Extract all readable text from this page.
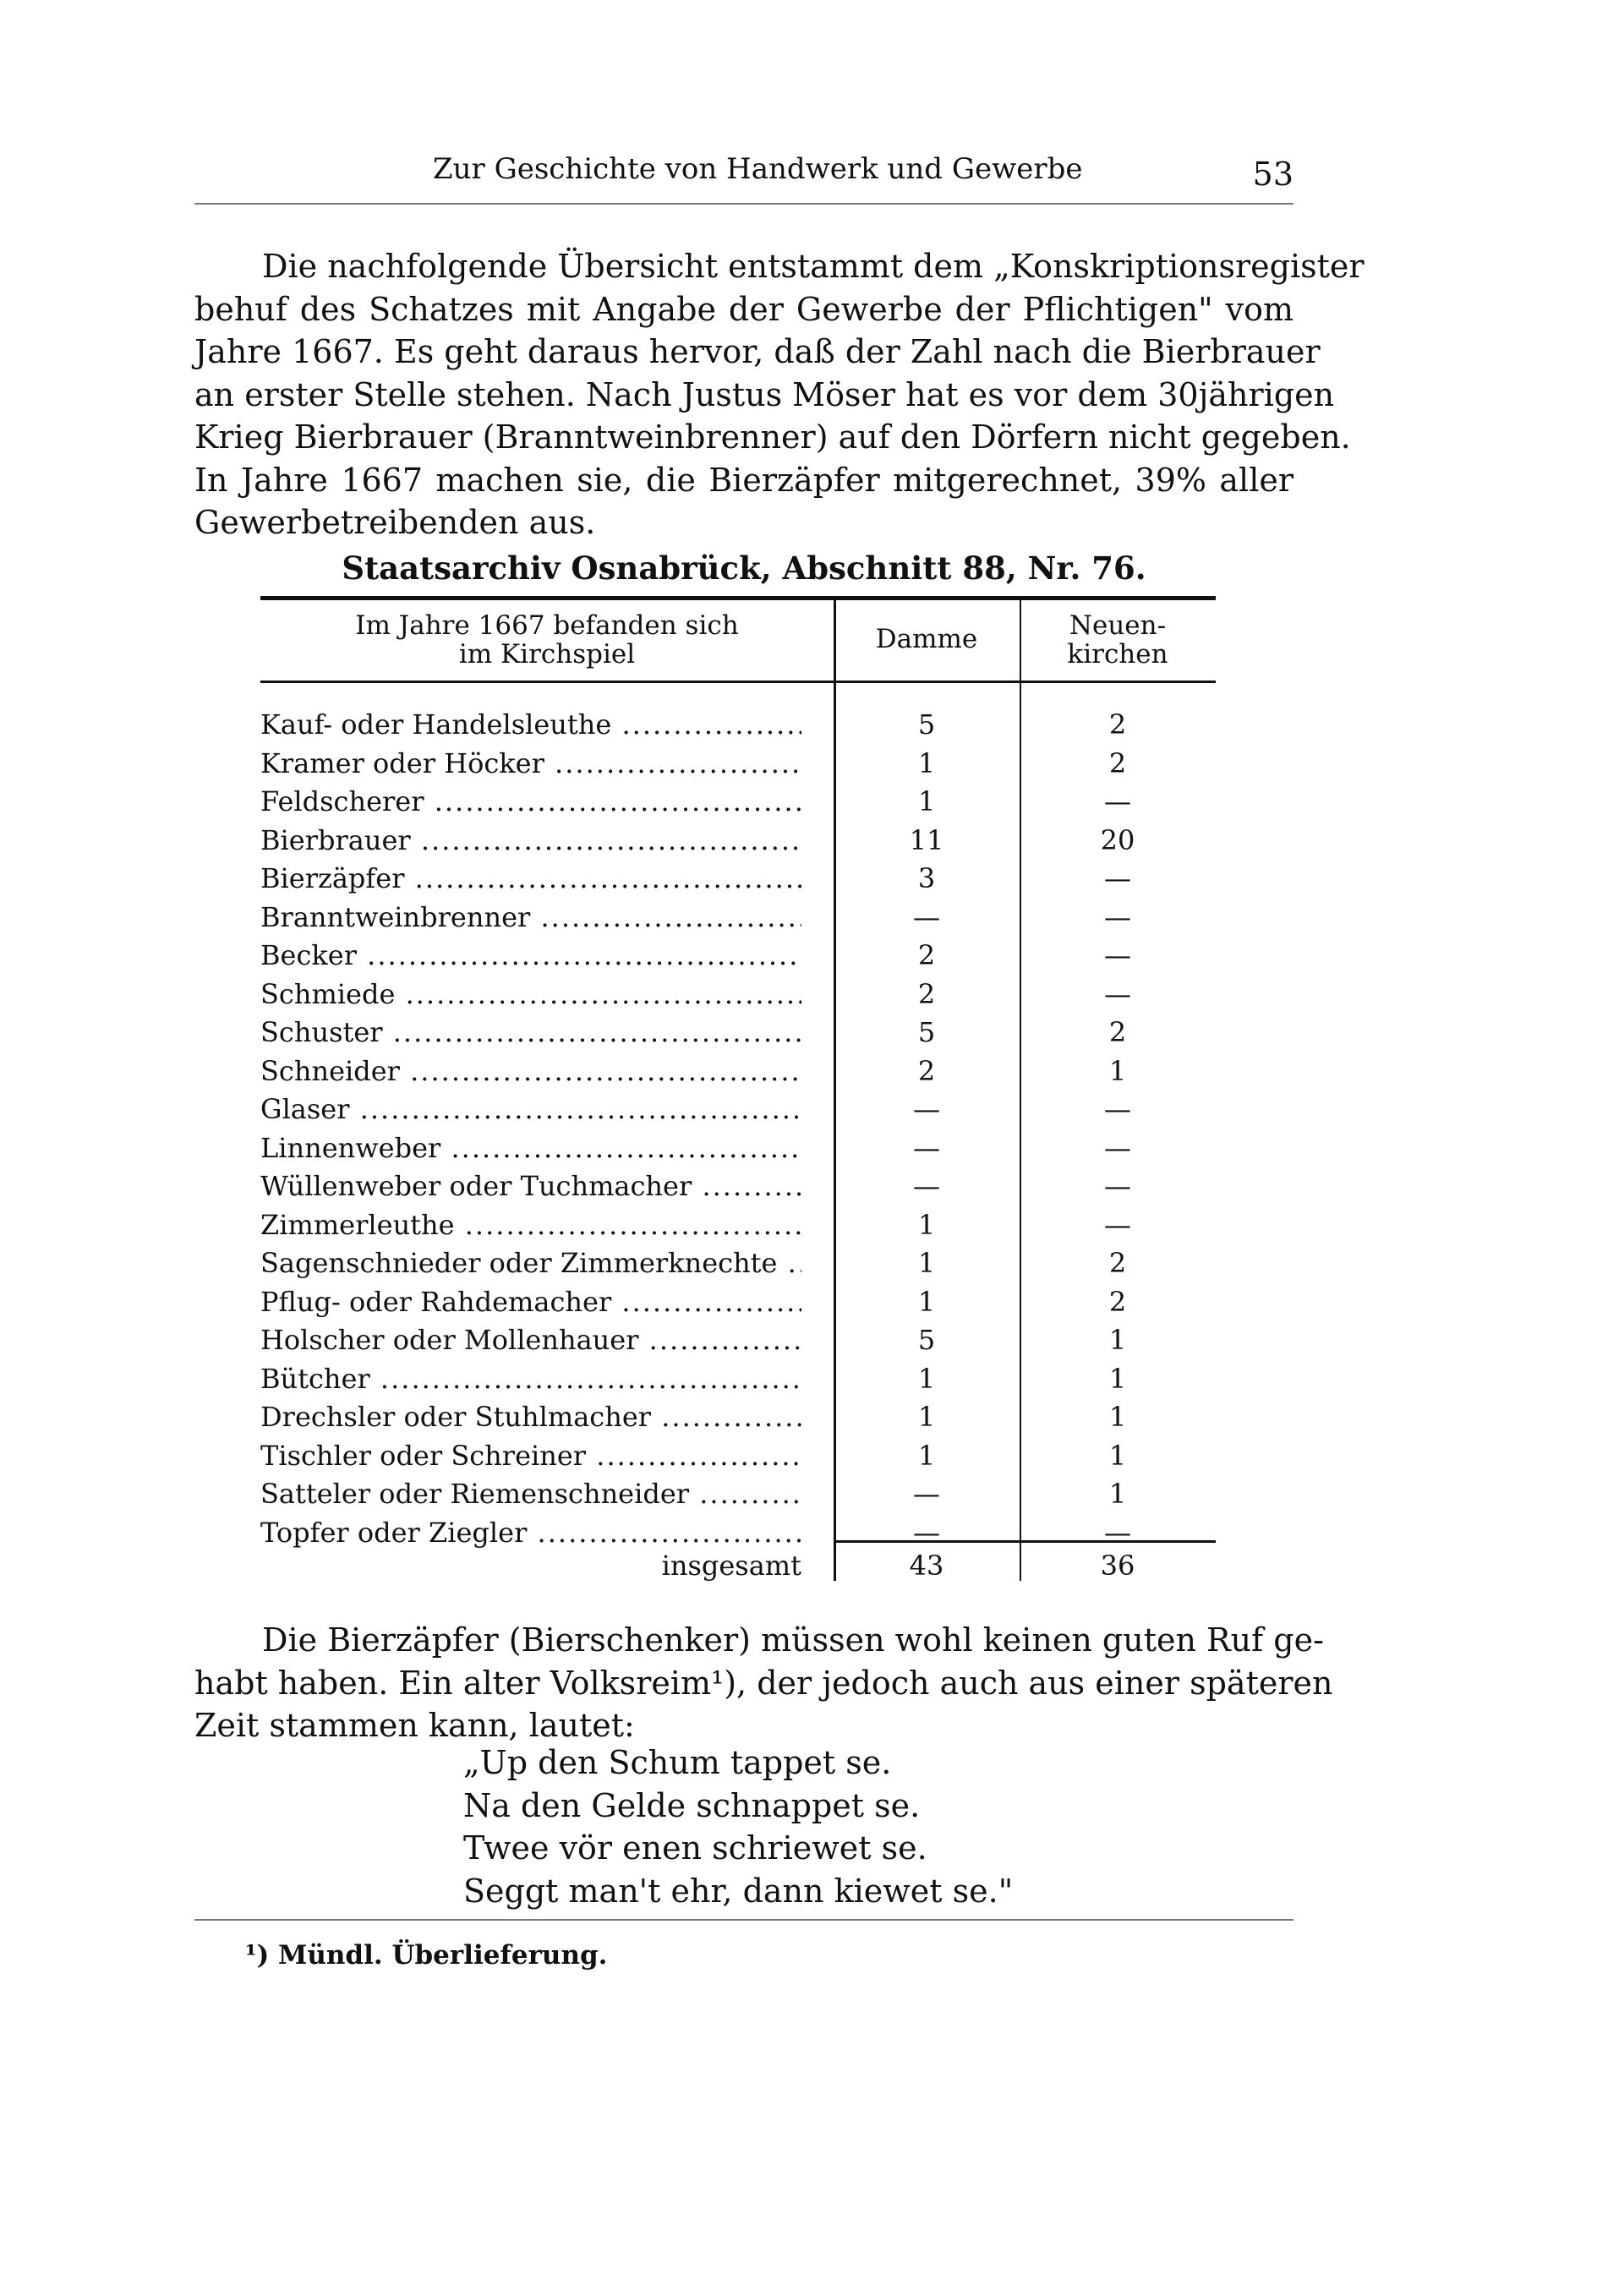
Zur Geschichte von Handwerk und Gewerbe	53

Die nachfolgende Übersicht entstammt dem „Konskriptionsregister
behuf des Schatzes mit Angabe der Gewerbe der Pflichtigen" vom
Jahre 1667. Es geht daraus hervor, daß der Zahl nach die Bierbrauer
an erster Stelle stehen. Nach Justus Möser hat es vor dem 30jährigen
Krieg Bierbrauer (Branntweinbrenner) auf den Dörfern nicht gegeben.
In Jahre 1667 machen sie, die Bierzäpfer mitgerechnet, 39% aller
Gewerbetreibenden aus.

Staatsarchiv Osnabrück, Abschnitt 88, Nr. 76.
Im Jahre 1667 befanden sich
im Kirchspiel	Damme	Neuen-
kirchen
Kauf- oder Handelsleuthe .....	5	2
Kramer oder Höcker .....	1	2
Feldscherer .....	1	—
Bierbrauer .....	11	20
Bierzäpfer .....	3	—
Branntweinbrenner .....	—	—
Becker .....	2	—
Schmiede .....	2	—
Schuster .....	5	2
Schneider .....	2	1
Glaser .....	—	—
Linnenweber .....	—	—
Wüllenweber oder Tuchmacher .....	—	—
Zimmerleuthe .....	1	—
Sagenschnieder oder Zimmerknechte .....	1	2
Pflug- oder Rahdemacher .....	1	2
Holscher oder Mollenhauer .....	5	1
Bütcher .....	1	1
Drechsler oder Stuhlmacher .....	1	1
Tischler oder Schreiner .....	1	1
Satteler oder Riemenschneider .....	—	1
Topfer oder Ziegler .....	—	—
insgesamt	43	36

Die Bierzäpfer (Bierschenker) müssen wohl keinen guten Ruf ge-
habt haben. Ein alter Volksreim¹), der jedoch auch aus einer späteren
Zeit stammen kann, lautet:

„Up den Schum tappet se.
Na den Gelde schnappet se.
Twee vör enen schriewet se.
Seggt man't ehr, dann kiewet se."
¹) Mündl. Überlieferung.
